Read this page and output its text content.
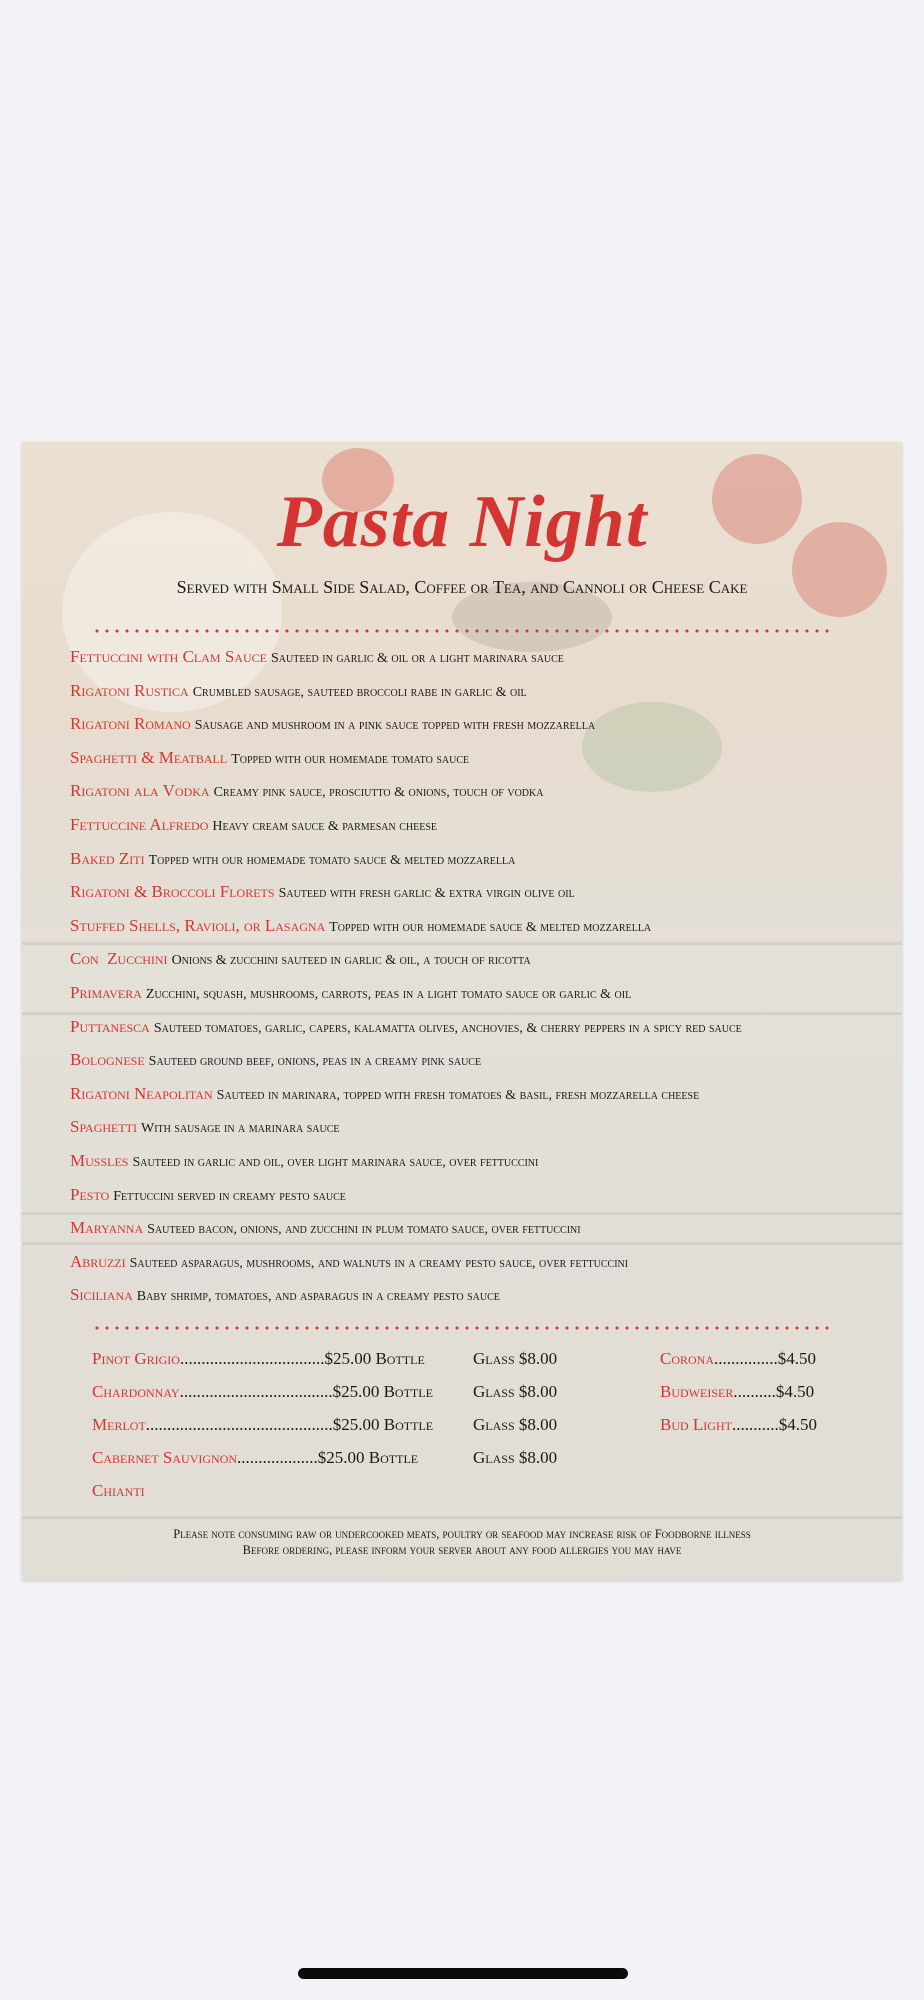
Pasta Night
Served with Small Side Salad, Coffee or Tea, and Cannoli or Cheese Cake
Fettuccini with Clam Sauce Sauteed in garlic & oil or a light marinara sauce
Rigatoni Rustica Crumbled sausage, sauteed broccoli rabe in garlic & oil
Rigatoni Romano Sausage and mushroom in a pink sauce topped with fresh mozzarella
Spaghetti & Meatball Topped with our homemade tomato sauce
Rigatoni ala Vodka Creamy pink sauce, prosciutto & onions, touch of vodka
Fettuccine Alfredo Heavy cream sauce & parmesan cheese
Baked Ziti Topped with our homemade tomato sauce & melted mozzarella
Rigatoni & Broccoli Florets Sauteed with fresh garlic & extra virgin olive oil
Stuffed Shells, Ravioli, or Lasagna Topped with our homemade sauce & melted mozzarella
Con  Zucchini Onions & zucchini sauteed in garlic & oil, a touch of ricotta
Primavera Zucchini, squash, mushrooms, carrots, peas in a light tomato sauce or garlic & oil
Puttanesca Sauteed tomatoes, garlic, capers, kalamatta olives, anchovies, & cherry peppers in a spicy red sauce
Bolognese Sauteed ground beef, onions, peas in a creamy pink sauce
Rigatoni Neapolitan Sauteed in marinara, topped with fresh tomatoes & basil, fresh mozzarella cheese
Spaghetti With sausage in a marinara sauce
Mussles Sauteed in garlic and oil, over light marinara sauce, over fettuccini
Pesto Fettuccini served in creamy pesto sauce
Maryanna Sauteed bacon, onions, and zucchini in plum tomato sauce, over fettuccini
Abruzzi Sauteed asparagus, mushrooms, and walnuts in a creamy pesto sauce, over fettuccini
Siciliana Baby shrimp, tomatoes, and asparagus in a creamy pesto sauce
Pinot Grigio..................................$25.00 Bottle	Glass $8.00	Corona...............$4.50
Chardonnay....................................$25.00 Bottle Glass $8.00	Budweiser..........$4.50
Merlot............................................$25.00 Bottle Glass $8.00	Bud Light...........$4.50
Cabernet Sauvignon...................$25.00 Bottle	Glass $8.00
Chianti
Please note consuming raw or undercooked meats, poultry or seafood may increase risk of Foodborne illness
Before ordering, please inform your server about any food allergies you may have
